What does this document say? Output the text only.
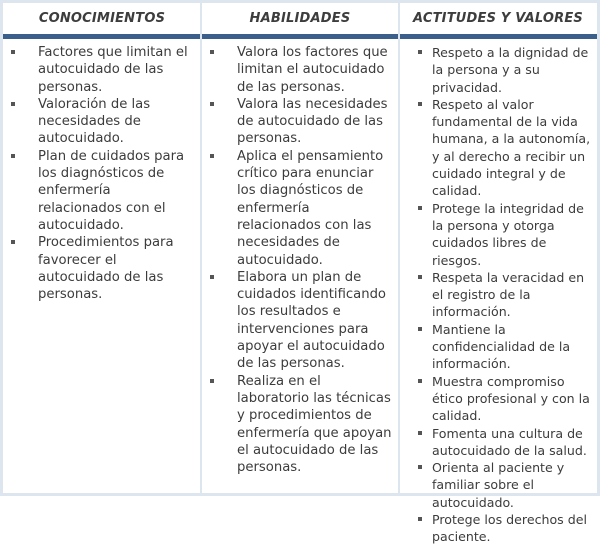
CONOCIMIENTOS	HABILIDADES	ACTITUDES Y VALORES
Factores que limitan el autocuidado de las personas.
Valoración de las necesidades de autocuidado.
Plan de cuidados para los diagnósticos de enfermería relacionados con el autocuidado.
Procedimientos para favorecer el autocuidado de las personas.
Valora los factores que limitan el autocuidado de las personas.
Valora las necesidades de autocuidado de las personas.
Aplica el pensamiento crítico para enunciar los diagnósticos de enfermería relacionados con las necesidades de autocuidado.
Elabora un plan de cuidados identificando los resultados e intervenciones para apoyar el autocuidado de las personas.
Realiza en el laboratorio las técnicas y procedimientos de enfermería que apoyan el autocuidado de las personas.
Respeto a la dignidad de la persona y a su privacidad.
Respeto al valor fundamental de la vida humana, a la autonomía, y al derecho a recibir un cuidado integral y de calidad.
Protege la integridad de la persona y otorga cuidados libres de riesgos.
Respeta la veracidad en el registro de la información.
Mantiene la confidencialidad de la información.
Muestra compromiso ético profesional y con la calidad.
Fomenta una cultura de autocuidado de la salud.
Orienta al paciente y familiar sobre el autocuidado.
Protege los derechos del paciente.
